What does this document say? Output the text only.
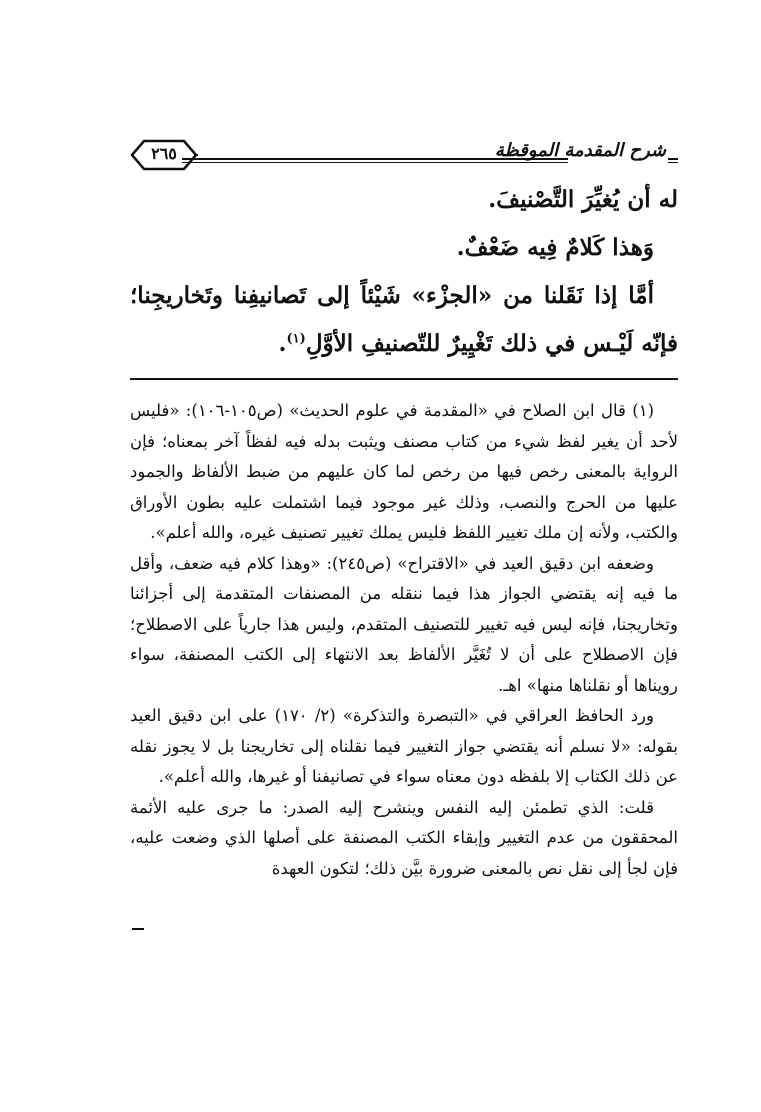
٢٦٥	شرح المقدمة الموقظة

له أن يُغيِّرَ التَّصْنيفَ.

وَهذا كَلامٌ فِيه ضَعْفٌ.

أمَّا إذا نَقَلنا من «الجزْء» شَيْئاً إلى تَصانيفِنا وتَخاريجِنا؛ فإنّه لَيْـس في ذلك تَغْيِيرٌ للتّصنيفِ الأوَّلِ$^{(١)}$.

(١) قال ابن الصلاح في «المقدمة في علوم الحديث» (ص١٠٥-١٠٦): «فليس لأحد أن يغير لفظ شيء من كتاب مصنف ويثبت بدله فيه لفظاً آخر بمعناه؛ فإن الرواية بالمعنى رخص فيها من رخص لما كان عليهم من ضبط الألفاظ والجمود عليها من الحرج والنصب، وذلك غير موجود فيما اشتملت عليه بطون الأوراق والكتب، ولأنه إن ملك تغيير اللفظ فليس يملك تغيير تصنيف غيره، والله أعلم».

وضعفه ابن دقيق العيد في «الاقتراح» (ص٢٤٥): «وهذا كلام فيه ضعف، وأقل ما فيه إنه يقتضي الجواز هذا فيما ننقله من المصنفات المتقدمة إلى أجزائنا وتخاريجنا، فإنه ليس فيه تغيير للتصنيف المتقدم، وليس هذا جارياً على الاصطلاح؛ فإن الاصطلاح على أن لا تُغَيَّر الألفاظ بعد الانتهاء إلى الكتب المصنفة، سواء رويناها أو نقلناها منها» اهـ.

ورد الحافظ العراقي في «التبصرة والتذكرة» (٢/ ١٧٠) على ابن دقيق العيد بقوله: «لا نسلم أنه يقتضي جواز التغيير فيما نقلناه إلى تخاريجنا بل لا يجوز نقله عن ذلك الكتاب إلا بلفظه دون معناه سواء في تصانيفنا أو غيرها، والله أعلم».

قلت: الذي تطمئن إليه النفس وينشرح إليه الصدر: ما جرى عليه الأئمة المحققون من عدم التغيير وإبقاء الكتب المصنفة على أصلها الذي وضعت عليه، فإن لجأ إلى نقل نص بالمعنى ضرورة بيَّن ذلك؛ لتكون العهدة
